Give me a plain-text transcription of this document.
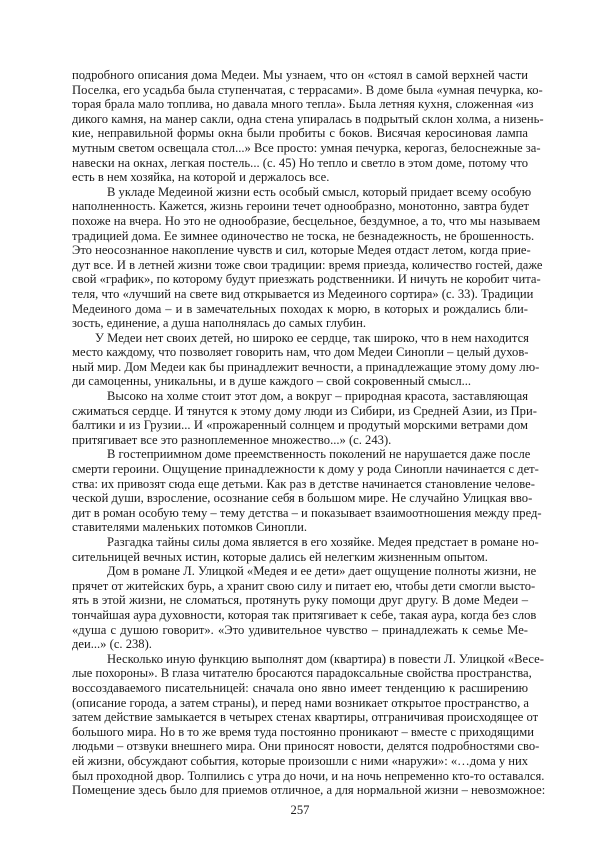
подробного описания дома Медеи. Мы узнаем, что он «стоял в самой верхней части
Поселка, его усадьба была ступенчатая, с террасами». В доме была «умная печурка, ко-
торая брала мало топлива, но давала много тепла». Была летняя кухня, сложенная «из
дикого камня, на манер сакли, одна стена упиралась в подрытый склон холма, а низень-
кие, неправильной формы окна были пробиты с боков. Висячая керосиновая лампа
мутным светом освещала стол...» Все просто: умная печурка, керогаз, белоснежные за-
навески на окнах, легкая постель... (с. 45) Но тепло и светло в этом доме, потому что
есть в нем хозяйка, на которой и держалось все.
В укладе Медеиной жизни есть особый смысл, который придает всему особую
наполненность. Кажется, жизнь героини течет однообразно, монотонно, завтра будет
похоже на вчера. Но это не однообразие, бесцельное, бездумное, а то, что мы называем
традицией дома. Ее зимнее одиночество не тоска, не безнадежность, не брошенность.
Это неосознанное накопление чувств и сил, которые Медея отдаст летом, когда прие-
дут все. И в летней жизни тоже свои традиции: время приезда, количество гостей, даже
свой «график», по которому будут приезжать родственники. И ничуть не коробит чита-
теля, что «лучший на свете вид открывается из Медеиного сортира» (с. 33). Традиции
Медеиного дома – и в замечательных походах к морю, в которых и рождались бли-
зость, единение, а душа наполнялась до самых глубин.
У Медеи нет своих детей, но широко ее сердце, так широко, что в нем находится
место каждому, что позволяет говорить нам, что дом Медеи Синопли – целый духов-
ный мир. Дом Медеи как бы принадлежит вечности, а принадлежащие этому дому лю-
ди самоценны, уникальны, и в душе каждого – свой сокровенный смысл...
Высоко на холме стоит этот дом, а вокруг – природная красота, заставляющая
сжиматься сердце. И тянутся к этому дому люди из Сибири, из Средней Азии, из При-
балтики и из Грузии... И «прожаренный солнцем и продутый морскими ветрами дом
притягивает все это разноплеменное множество...» (с. 243).
В гостеприимном доме преемственность поколений не нарушается даже после
смерти героини. Ощущение принадлежности к дому у рода Синопли начинается с дет-
ства: их привозят сюда еще детьми. Как раз в детстве начинается становление челове-
ческой души, взросление, осознание себя в большом мире. Не случайно Улицкая вво-
дит в роман особую тему – тему детства – и показывает взаимоотношения между пред-
ставителями маленьких потомков Синопли.
Разгадка тайны силы дома является в его хозяйке. Медея предстает в романе но-
сительницей вечных истин, которые дались ей нелегким жизненным опытом.
Дом в романе Л. Улицкой «Медея и ее дети» дает ощущение полноты жизни, не
прячет от житейских бурь, а хранит свою силу и питает ею, чтобы дети смогли высто-
ять в этой жизни, не сломаться, протянуть руку помощи друг другу. В доме Медеи –
тончайшая аура духовности, которая так притягивает к себе, такая аура, когда без слов
«душа с душою говорит». «Это удивительное чувство – принадлежать к семье Ме-
деи...» (с. 238).
Несколько иную функцию выполнят дом (квартира) в повести Л. Улицкой «Весе-
лые похороны». В глаза читателю бросаются парадоксальные свойства пространства,
воссоздаваемого писательницей: сначала оно явно имеет тенденцию к расширению
(описание города, а затем страны), и перед нами возникает открытое пространство, а
затем действие замыкается в четырех стенах квартиры, отграничивая происходящее от
большого мира. Но в то же время туда постоянно проникают – вместе с приходящими
людьми – отзвуки внешнего мира. Они приносят новости, делятся подробностями сво-
ей жизни, обсуждают события, которые произошли с ними «наружи»: «…дома у них
был проходной двор. Толпились с утра до ночи, и на ночь непременно кто-то оставался.
Помещение здесь было для приемов отличное, а для нормальной жизни – невозможное:
257
